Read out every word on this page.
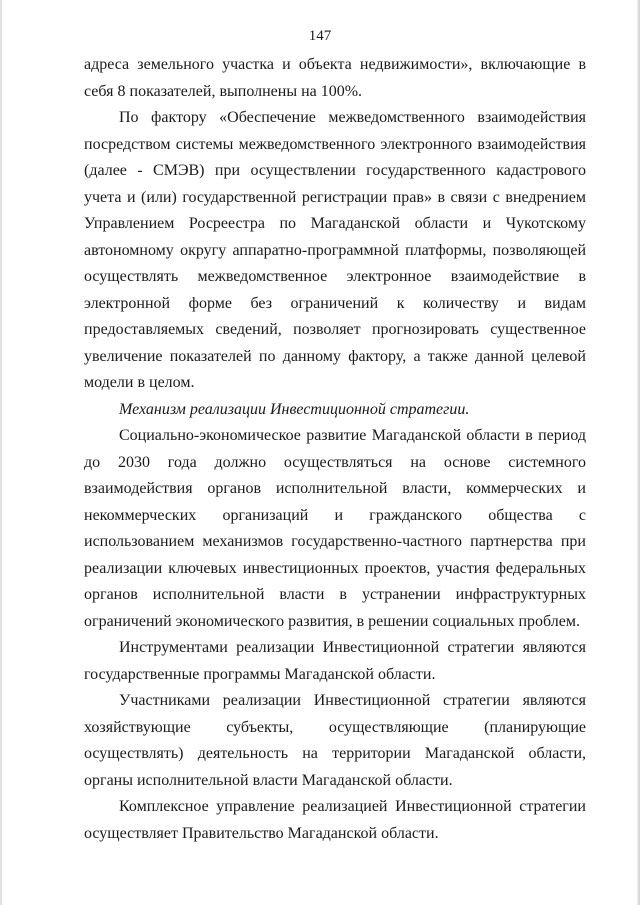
147

адреса земельного участка и объекта недвижимости», включающие в себя 8 показателей, выполнены на 100%.

По фактору «Обеспечение межведомственного взаимодействия посредством системы межведомственного электронного взаимодействия (далее - СМЭВ) при осуществлении государственного кадастрового учета и (или) государственной регистрации прав» в связи с внедрением Управлением Росреестра по Магаданской области и Чукотскому автономному округу аппаратно-программной платформы, позволяющей осуществлять межведомственное электронное взаимодействие в электронной форме без ограничений к количеству и видам предоставляемых сведений, позволяет прогнозировать существенное увеличение показателей по данному фактору, а также данной целевой модели в целом.

Механизм реализации Инвестиционной стратегии.

Социально-экономическое развитие Магаданской области в период до 2030 года должно осуществляться на основе системного взаимодействия органов исполнительной власти, коммерческих и некоммерческих организаций и гражданского общества с использованием механизмов государственно-частного партнерства при реализации ключевых инвестиционных проектов, участия федеральных органов исполнительной власти в устранении инфраструктурных ограничений экономического развития, в решении социальных проблем.

Инструментами реализации Инвестиционной стратегии являются государственные программы Магаданской области.

Участниками реализации Инвестиционной стратегии являются хозяйствующие субъекты, осуществляющие (планирующие осуществлять) деятельность на территории Магаданской области, органы исполнительной власти Магаданской области.

Комплексное управление реализацией Инвестиционной стратегии осуществляет Правительство Магаданской области.
